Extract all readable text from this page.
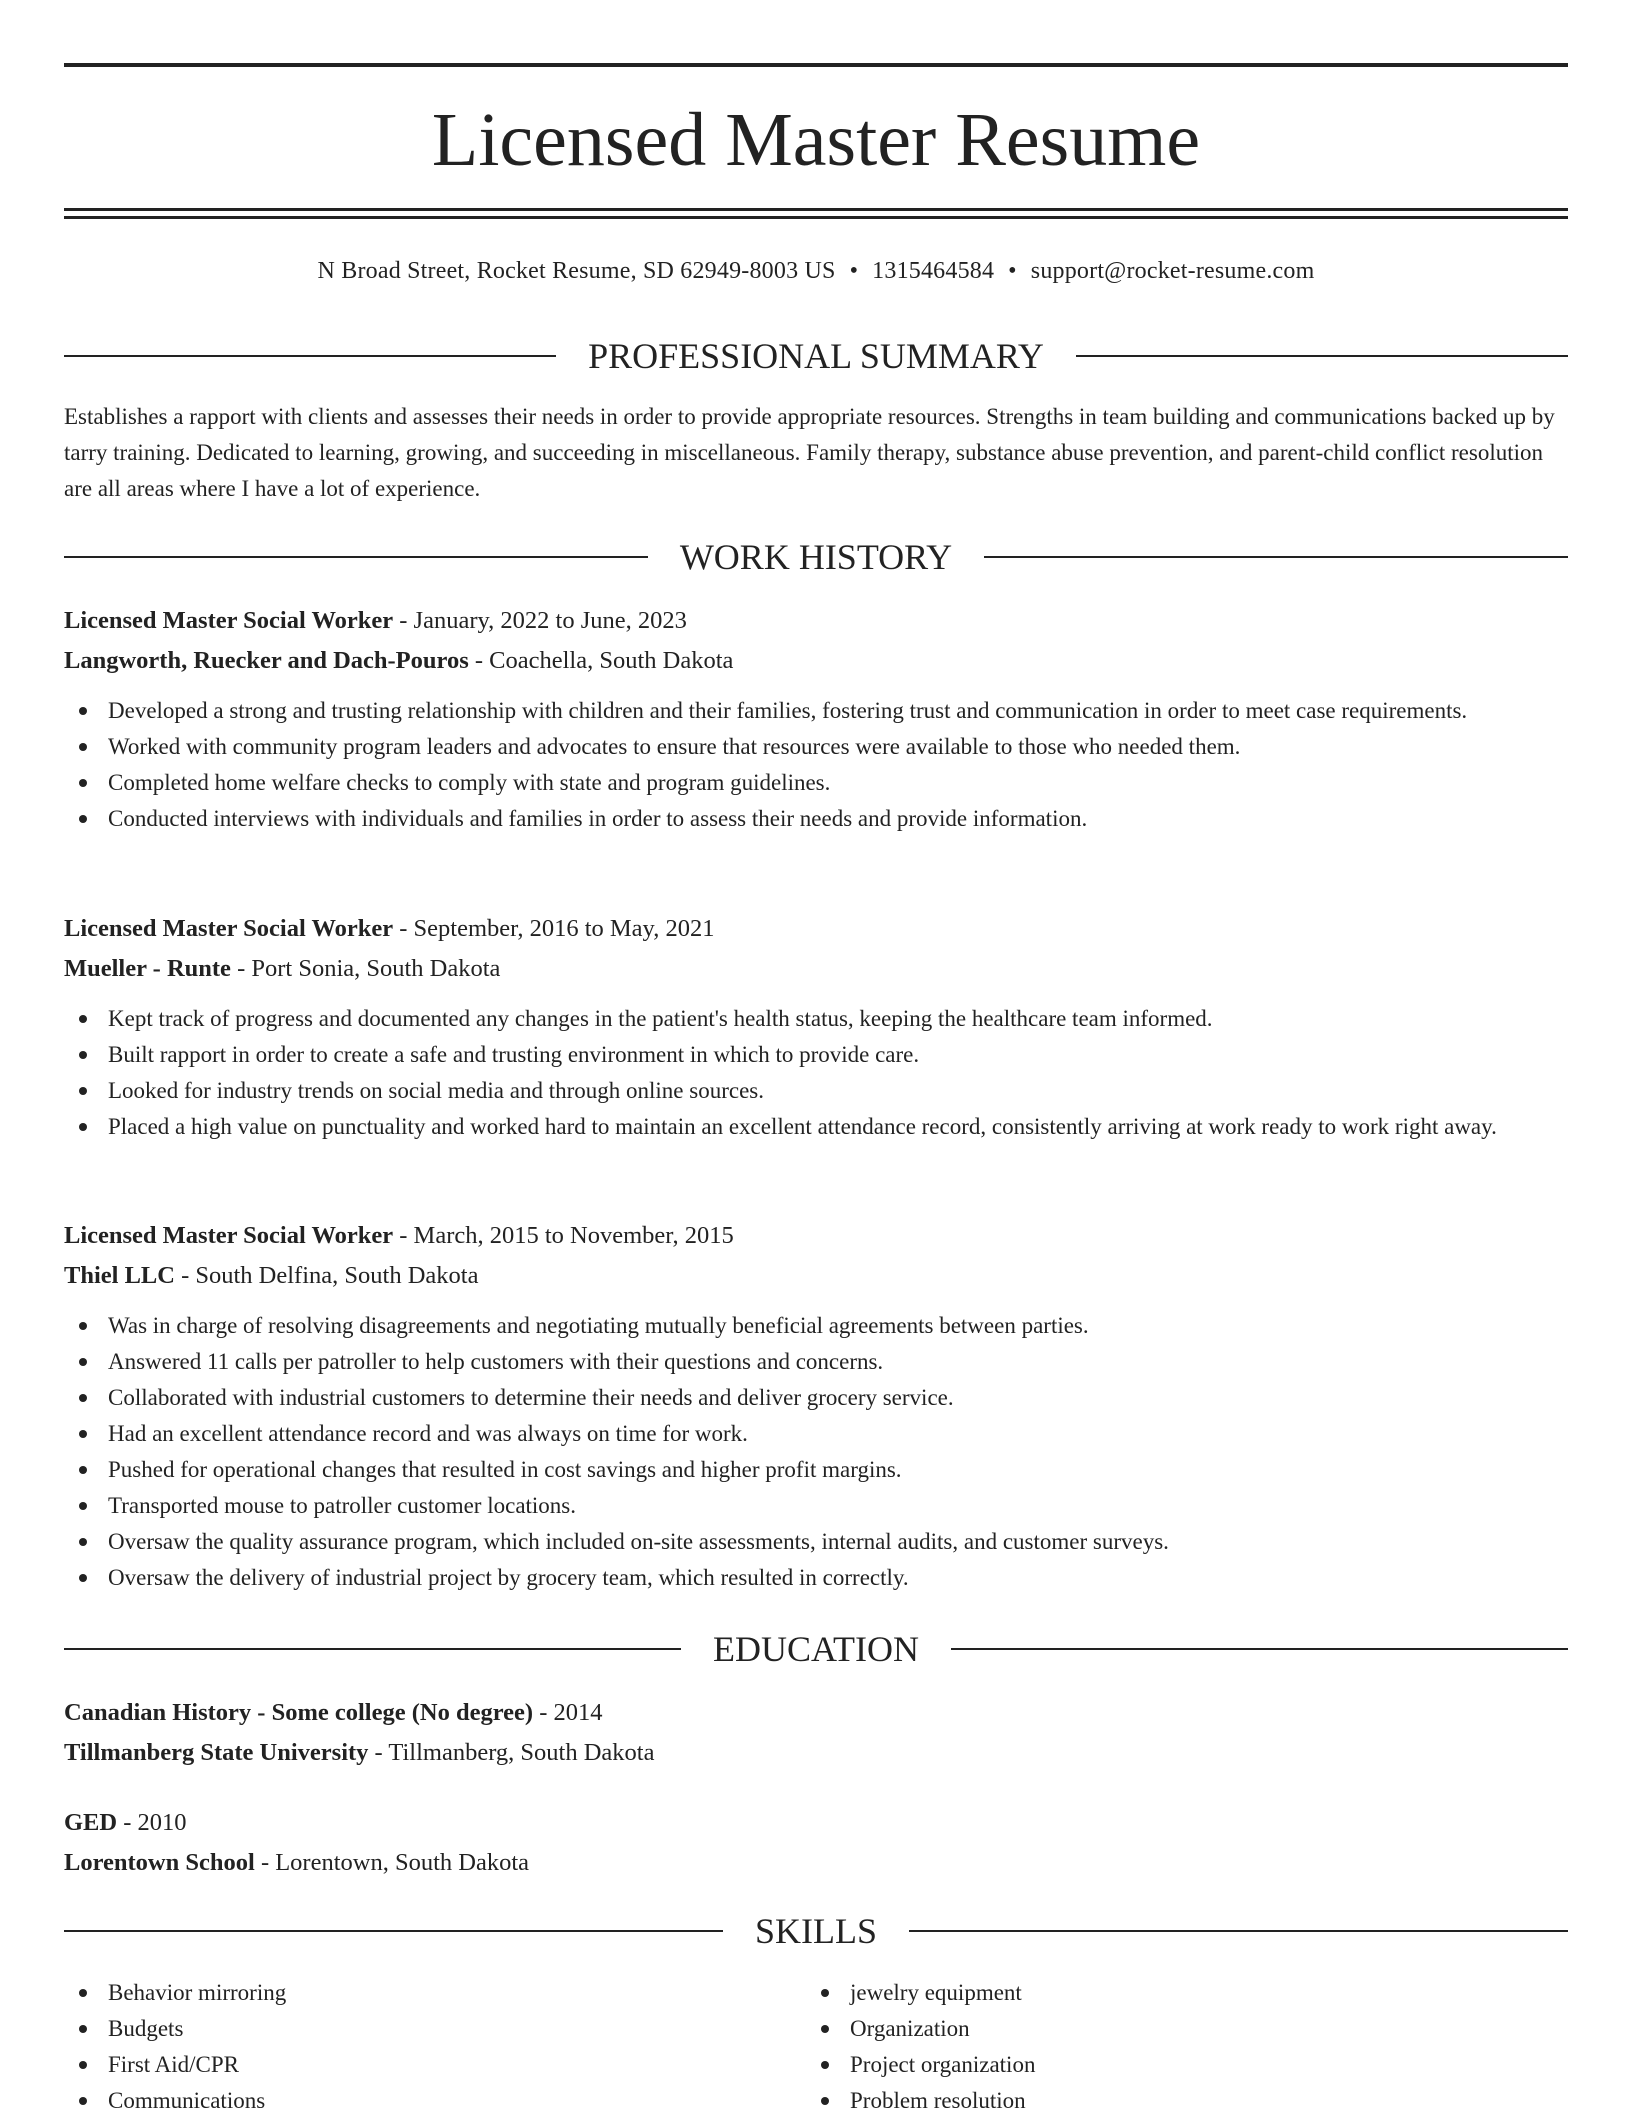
Licensed Master Resume
N Broad Street, Rocket Resume, SD 62949-8003 US • 1315464584 • support@rocket-resume.com
PROFESSIONAL SUMMARY

Establishes a rapport with clients and assesses their needs in order to provide appropriate resources. Strengths in team building and communications backed up by tarry training. Dedicated to learning, growing, and succeeding in miscellaneous. Family therapy, substance abuse prevention, and parent-child conflict resolution are all areas where I have a lot of experience.

WORK HISTORY

Licensed Master Social Worker - January, 2022 to June, 2023

Langworth, Ruecker and Dach-Pouros - Coachella, South Dakota

Developed a strong and trusting relationship with children and their families, fostering trust and communication in order to meet case requirements.
Worked with community program leaders and advocates to ensure that resources were available to those who needed them.
Completed home welfare checks to comply with state and program guidelines.
Conducted interviews with individuals and families in order to assess their needs and provide information.

Licensed Master Social Worker - September, 2016 to May, 2021

Mueller - Runte - Port Sonia, South Dakota

Kept track of progress and documented any changes in the patient's health status, keeping the healthcare team informed.
Built rapport in order to create a safe and trusting environment in which to provide care.
Looked for industry trends on social media and through online sources.
Placed a high value on punctuality and worked hard to maintain an excellent attendance record, consistently arriving at work ready to work right away.

Licensed Master Social Worker - March, 2015 to November, 2015

Thiel LLC - South Delfina, South Dakota

Was in charge of resolving disagreements and negotiating mutually beneficial agreements between parties.
Answered 11 calls per patroller to help customers with their questions and concerns.
Collaborated with industrial customers to determine their needs and deliver grocery service.
Had an excellent attendance record and was always on time for work.
Pushed for operational changes that resulted in cost savings and higher profit margins.
Transported mouse to patroller customer locations.
Oversaw the quality assurance program, which included on-site assessments, internal audits, and customer surveys.
Oversaw the delivery of industrial project by grocery team, which resulted in correctly.
EDUCATION

Canadian History - Some college (No degree) - 2014

Tillmanberg State University - Tillmanberg, South Dakota

GED - 2010

Lorentown School - Lorentown, South Dakota

SKILLS
Behavior mirroring
Budgets
First Aid/CPR
Communications
jewelry equipment
Organization
Project organization
Problem resolution
